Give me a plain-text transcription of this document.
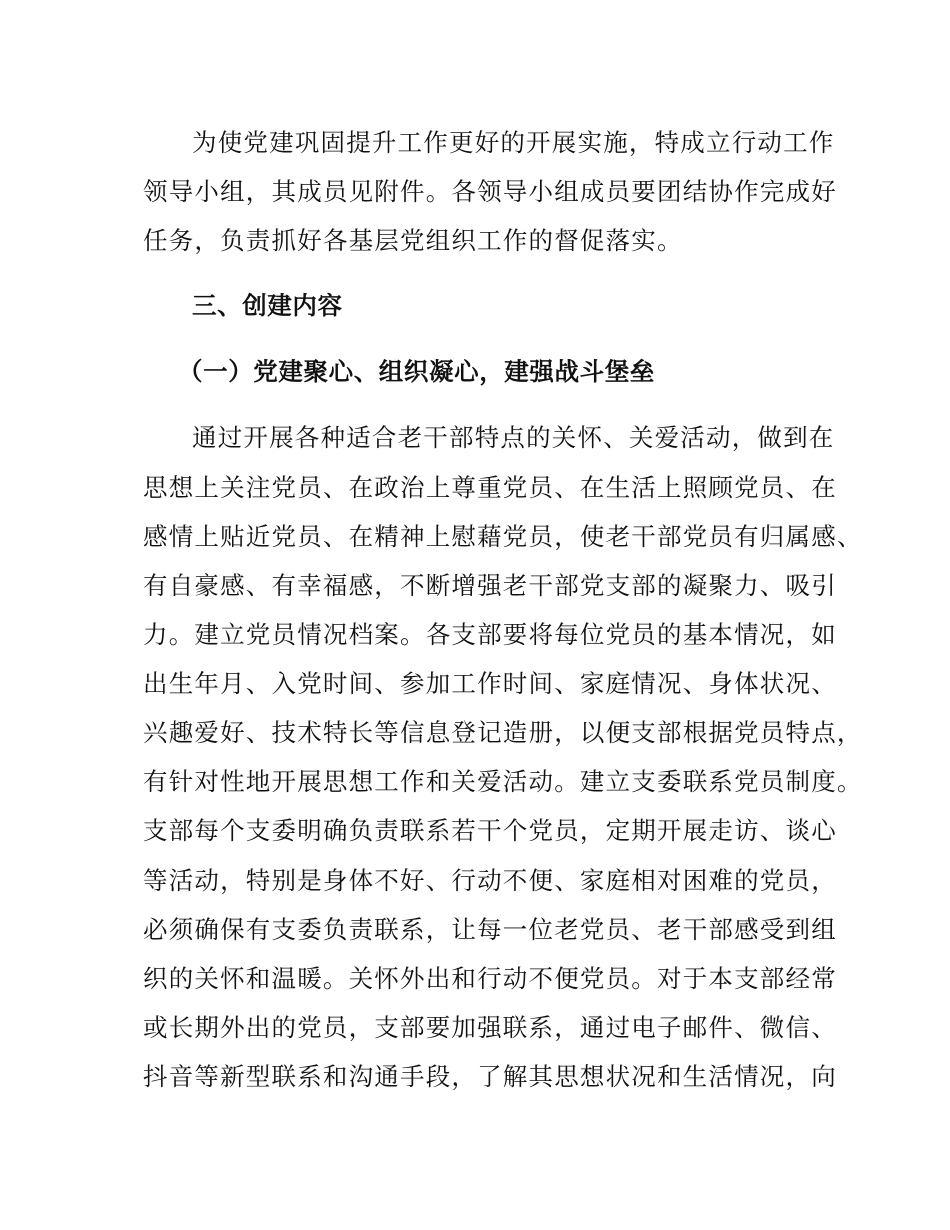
为使党建巩固提升工作更好的开展实施，特成立行动工作
领导小组，其成员见附件。各领导小组成员要团结协作完成好
任务，负责抓好各基层党组织工作的督促落实。
三、创建内容
（一）党建聚心、组织凝心，建强战斗堡垒
通过开展各种适合老干部特点的关怀、关爱活动，做到在
思想上关注党员、在政治上尊重党员、在生活上照顾党员、在
感情上贴近党员、在精神上慰藉党员，使老干部党员有归属感、
有自豪感、有幸福感，不断增强老干部党支部的凝聚力、吸引
力。建立党员情况档案。各支部要将每位党员的基本情况，如
出生年月、入党时间、参加工作时间、家庭情况、身体状况、
兴趣爱好、技术特长等信息登记造册，以便支部根据党员特点，
有针对性地开展思想工作和关爱活动。建立支委联系党员制度。
支部每个支委明确负责联系若干个党员，定期开展走访、谈心
等活动，特别是身体不好、行动不便、家庭相对困难的党员，
必须确保有支委负责联系，让每一位老党员、老干部感受到组
织的关怀和温暖。关怀外出和行动不便党员。对于本支部经常
或长期外出的党员，支部要加强联系，通过电子邮件、微信、
抖音等新型联系和沟通手段，了解其思想状况和生活情况，向
